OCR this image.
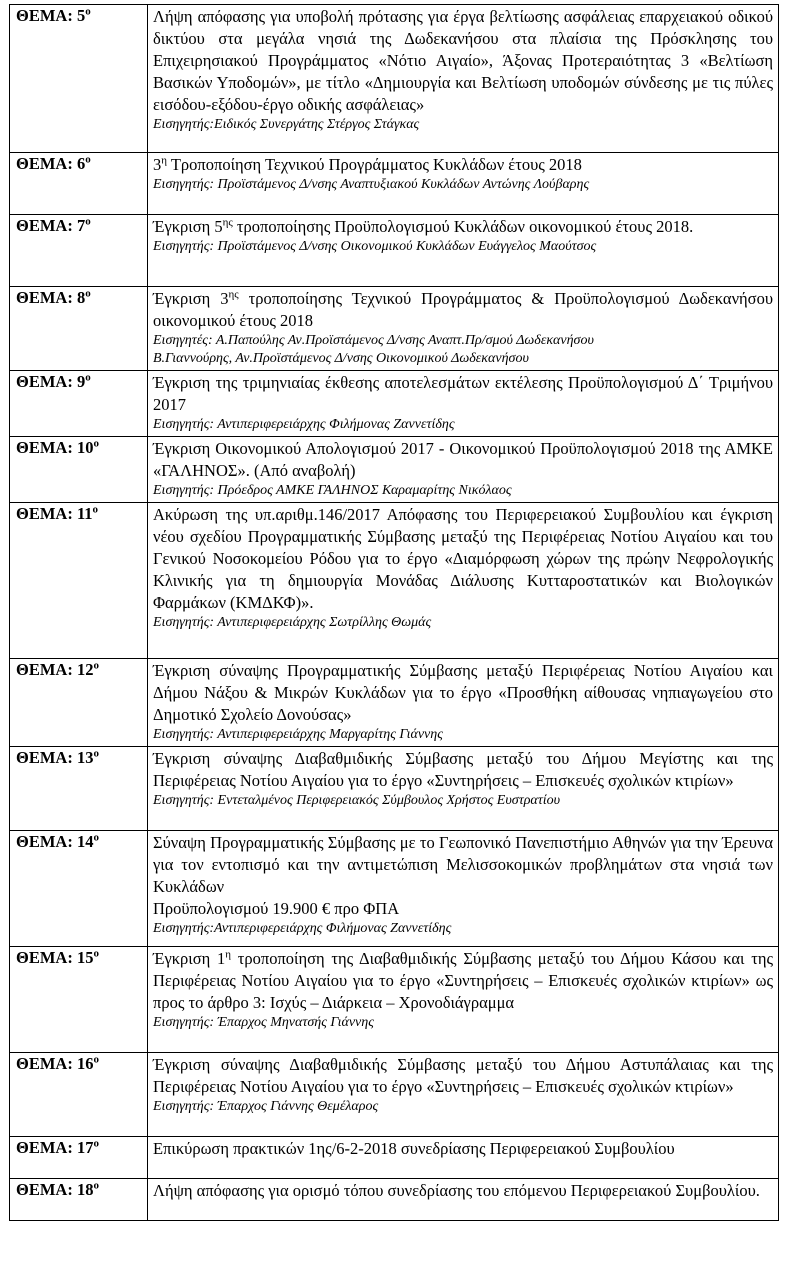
ΘΕΜΑ: $5^o$	Λήψη απόφασης για υποβολή πρότασης για έργα βελτίωσης ασφάλειας επαρχειακού οδικού δικτύου στα μεγάλα νησιά της Δωδεκανήσου στα πλαίσια της Πρόσκλησης του Επιχειρησιακού Προγράμματος «Νότιο Αιγαίο», Άξονας Προτεραιότητας 3 «Βελτίωση Βασικών Υποδομών», με τίτλο «Δημιουργία και Βελτίωση υποδομών σύνδεσης με τις πύλες εισόδου-εξόδου-έργο οδικής ασφάλειας»
Εισηγητής:Ειδικός Συνεργάτης Στέργος Στάγκας

ΘΕΜΑ: $6^o$	$3^\eta$ Τροποποίηση Τεχνικού Προγράμματος Κυκλάδων έτους 2018
Εισηγητής: Προϊστάμενος Δ/νσης Αναπτυξιακού Κυκλάδων Αντώνης Λούβαρης

ΘΕΜΑ: $7^o$	Έγκριση $5^{\eta\varsigma}$ τροποποίησης Προϋπολογισμού Κυκλάδων οικονομικού έτους 2018.
Εισηγητής: Προϊστάμενος Δ/νσης Οικονομικού Κυκλάδων Ευάγγελος Μαούτσος

ΘΕΜΑ: $8^o$	Έγκριση $3^{\eta\varsigma}$ τροποποίησης Τεχνικού Προγράμματος & Προϋπολογισμού Δωδεκανήσου οικονομικού έτους 2018
Εισηγητές: Α.Παπούλης Αν.Προϊστάμενος Δ/νσης Αναπτ.Πρ/σμού Δωδεκανήσου
Β.Γιαννούρης, Αν.Προϊστάμενος Δ/νσης Οικονομικού Δωδεκανήσου

ΘΕΜΑ: $9^o$	Έγκριση της τριμηνιαίας έκθεσης αποτελεσμάτων εκτέλεσης Προϋπολογισμού Δ΄ Τριμήνου 2017
Εισηγητής: Αντιπεριφερειάρχης Φιλήμονας Ζαννετίδης

ΘΕΜΑ: $10^o$	Έγκριση Οικονομικού Απολογισμού 2017 - Οικονομικού Προϋπολογισμού 2018 της ΑΜΚΕ «ΓΑΛΗΝΟΣ». (Από αναβολή)
Εισηγητής: Πρόεδρος ΑΜΚΕ ΓΑΛΗΝΟΣ Καραμαρίτης Νικόλαος

ΘΕΜΑ: $11^o$	Ακύρωση της υπ.αριθμ.146/2017 Απόφασης του Περιφερειακού Συμβουλίου και έγκριση νέου σχεδίου Προγραμματικής Σύμβασης μεταξύ της Περιφέρειας Νοτίου Αιγαίου και του Γενικού Νοσοκομείου Ρόδου για το έργο «Διαμόρφωση χώρων της πρώην Νεφρολογικής Κλινικής για τη δημιουργία Μονάδας Διάλυσης Κυτταροστατικών και Βιολογικών Φαρμάκων (ΚΜΔΚΦ)».
Εισηγητής: Αντιπεριφερειάρχης Σωτρίλλης Θωμάς

ΘΕΜΑ: $12^o$	Έγκριση σύναψης Προγραμματικής Σύμβασης μεταξύ Περιφέρειας Νοτίου Αιγαίου και Δήμου Νάξου & Μικρών Κυκλάδων για το έργο «Προσθήκη αίθουσας νηπιαγωγείου στο Δημοτικό Σχολείο Δονούσας»
Εισηγητής: Αντιπεριφερειάρχης Μαργαρίτης Γιάννης

ΘΕΜΑ: $13^o$	Έγκριση σύναψης Διαβαθμιδικής Σύμβασης μεταξύ του Δήμου Μεγίστης και της Περιφέρειας Νοτίου Αιγαίου για το έργο «Συντηρήσεις – Επισκευές σχολικών κτιρίων»
Εισηγητής: Εντεταλμένος Περιφερειακός Σύμβουλος Χρήστος Ευστρατίου

ΘΕΜΑ: $14^o$	Σύναψη Προγραμματικής Σύμβασης με το Γεωπονικό Πανεπιστήμιο Αθηνών για την Έρευνα για τον εντοπισμό και την αντιμετώπιση Μελισσοκομικών προβλημάτων στα νησιά των Κυκλάδων
Προϋπολογισμού 19.900 € προ ΦΠΑ
Εισηγητής:Αντιπεριφερειάρχης Φιλήμονας Ζαννετίδης

ΘΕΜΑ: $15^o$	Έγκριση $1^\eta$ τροποποίηση της Διαβαθμιδικής Σύμβασης μεταξύ του Δήμου Κάσου και της Περιφέρειας Νοτίου Αιγαίου για το έργο «Συντηρήσεις – Επισκευές σχολικών κτιρίων» ως προς το άρθρο 3: Ισχύς – Διάρκεια – Χρονοδιάγραμμα
Εισηγητής: Έπαρχος Μηνατσής Γιάννης

ΘΕΜΑ: $16^o$	Έγκριση σύναψης Διαβαθμιδικής Σύμβασης μεταξύ του Δήμου Αστυπάλαιας και της Περιφέρειας Νοτίου Αιγαίου για το έργο «Συντηρήσεις – Επισκευές σχολικών κτιρίων»
Εισηγητής: Έπαρχος Γιάννης Θεμέλαρος

ΘΕΜΑ: $17^o$	Επικύρωση πρακτικών 1ης/6-2-2018 συνεδρίασης Περιφερειακού Συμβουλίου

ΘΕΜΑ: $18^o$	Λήψη απόφασης για ορισμό τόπου συνεδρίασης του επόμενου Περιφερειακού Συμβουλίου.
